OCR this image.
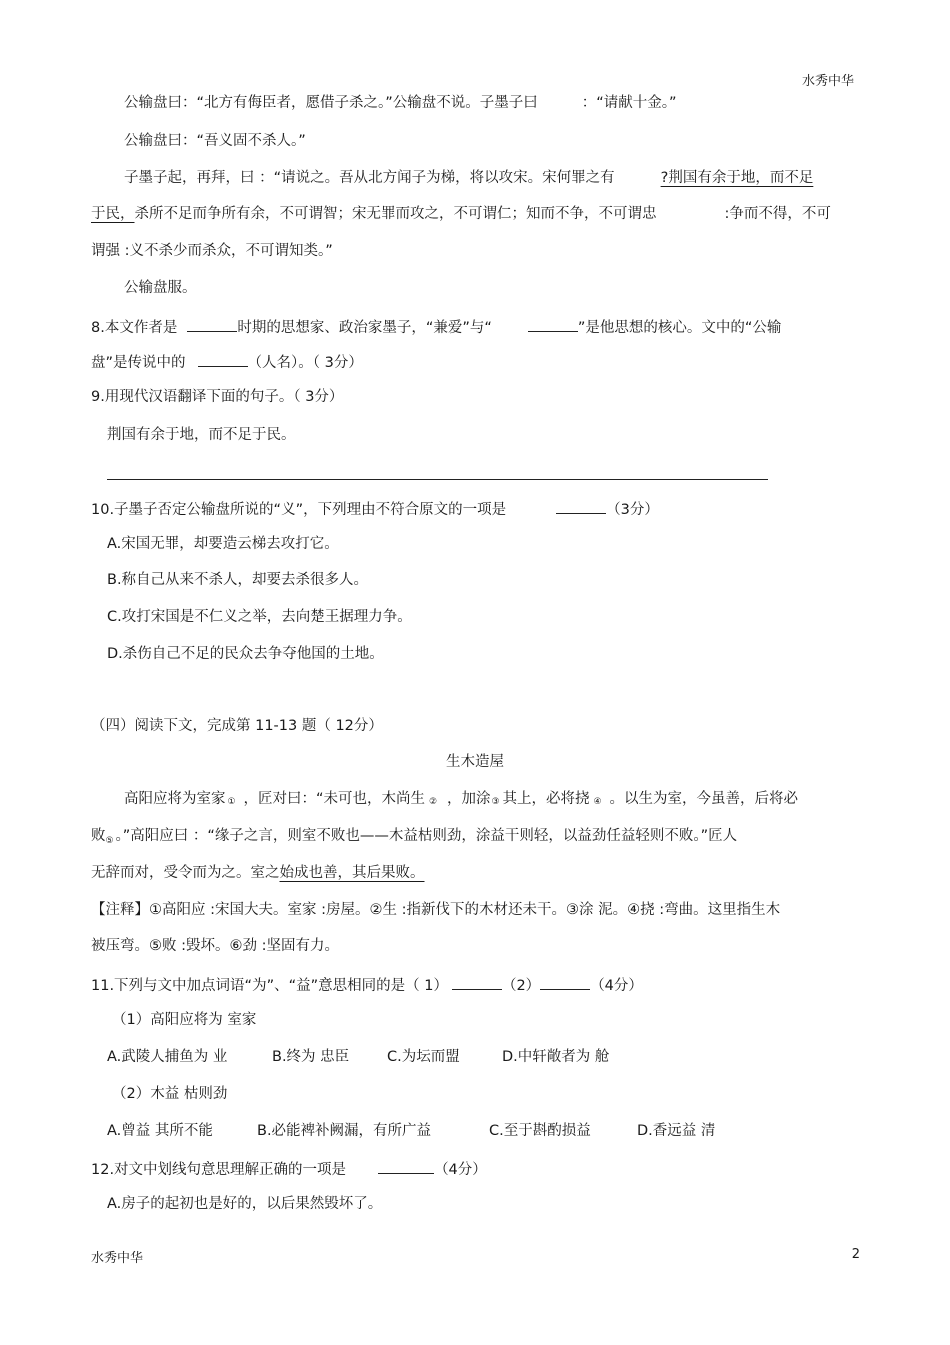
水秀中华
公输盘曰：“北方有侮臣者，愿借子杀之。”公输盘不说。子墨子曰	：“请献十金。”
公输盘曰：“吾义固不杀人。”
子墨子起，再拜，曰 ：“请说之。吾从北方闻子为梯，将以攻宋。宋何罪之有	?荆国有余于地，而不足
于民，杀所不足而争所有余，不可谓智；宋无罪而攻之，不可谓仁；知而不争，不可谓忠	:争而不得，不可
谓强 :义不杀少而杀众，不可谓知类。”
公输盘服。
8.本文作者是	时期的思想家、政治家墨子，“兼爱”与“	”是他思想的核心。文中的“公输
盘”是传说中的	（人名）。（ 3分）
9.用现代汉语翻译下面的句子。（ 3分）
荆国有余于地，而不足于民。
10.子墨子否定公输盘所说的“义”，下列理由不符合原文的一项是	（3分）
A.宋国无罪，却要造云梯去攻打它。
B.称自己从来不杀人，却要去杀很多人。
C.攻打宋国是不仁义之举，去向楚王据理力争。
D.杀伤自己不足的民众去争夺他国的土地。
（四）阅读下文，完成第 11-13 题（ 12分）
生木造屋
高阳应将为室家 ① ，匠对曰：“未可也，木尚生 ② ，加涂 ③ 其上，必将挠 ④ 。以生为室，今虽善，后将必
败 ⑤ 。”高阳应曰 ：“缘子之言，则室不败也——木益枯则劲，涂益干则轻，以益劲任益轻则不败。”匠人
无辞而对，受令而为之。室之始成也善，其后果败。
【注释】①高阳应 :宋国大夫。室家 :房屋。②生 :指新伐下的木材还未干。③涂 泥。④挠 :弯曲。这里指生木
被压弯。⑤败 :毁坏。⑥劲 :坚固有力。
11.下列与文中加点词语“为”、“益”意思相同的是（ 1）	（2）	（4分）
（1）高阳应将为 室家
A.武陵人捕鱼为 业	B.终为 忠臣	C.为坛而盟	D.中轩敞者为 舱
（2）木益 枯则劲
A.曾益 其所不能	B.必能裨补阙漏，有所广益	C.至于斟酌损益	D.香远益 清
12.对文中划线句意思理解正确的一项是	（4分）
A.房子的起初也是好的，以后果然毁坏了。
水秀中华	2
